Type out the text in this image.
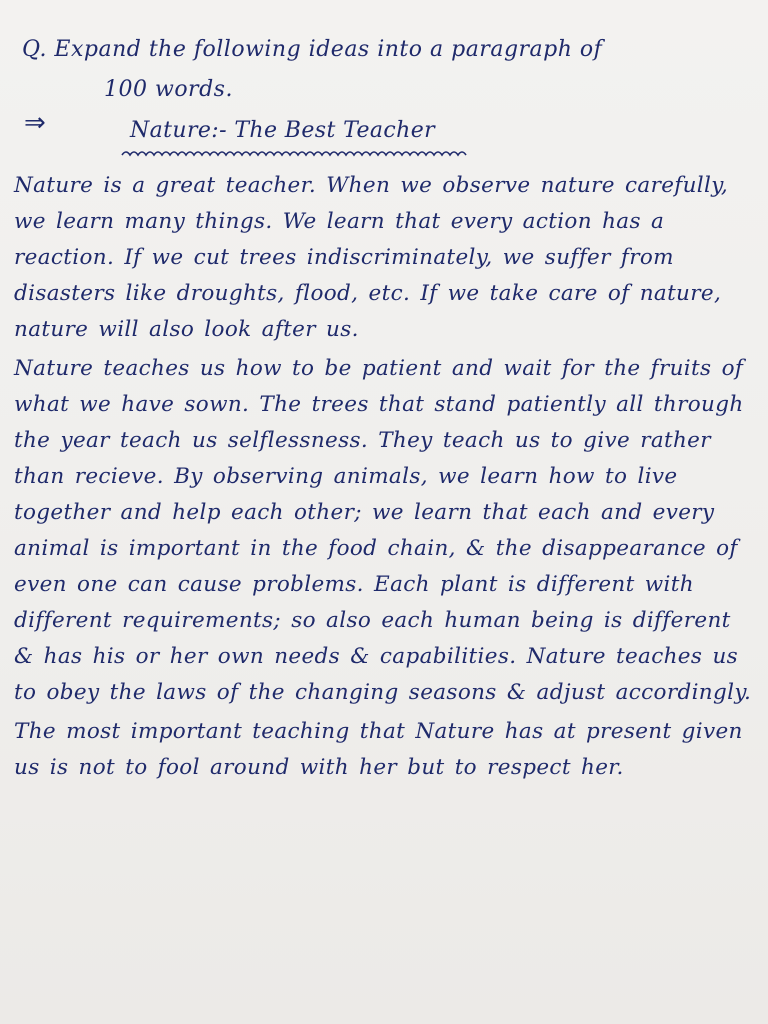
Q. Expand the following ideas into a paragraph of
100 words.
⇒	Nature:- The Best Teacher

Nature is a great teacher. When we observe nature carefully, we learn many things. We learn that every action has a reaction. If we cut trees indiscriminately, we suffer from disasters like droughts, flood, etc. If we take care of nature, nature will also look after us.

Nature teaches us how to be patient and wait for the fruits of what we have sown. The trees that stand patiently all through the year teach us selflessness. They teach us to give rather than recieve. By observing animals, we learn how to live together and help each other; we learn that each and every animal is important in the food chain, & the disappearance of even one can cause problems. Each plant is different with different requirements; so also each human being is different & has his or her own needs & capabilities. Nature teaches us to obey the laws of the changing seasons & adjust accordingly.

The most important teaching that Nature has at present given us is not to fool around with her but to respect her.
